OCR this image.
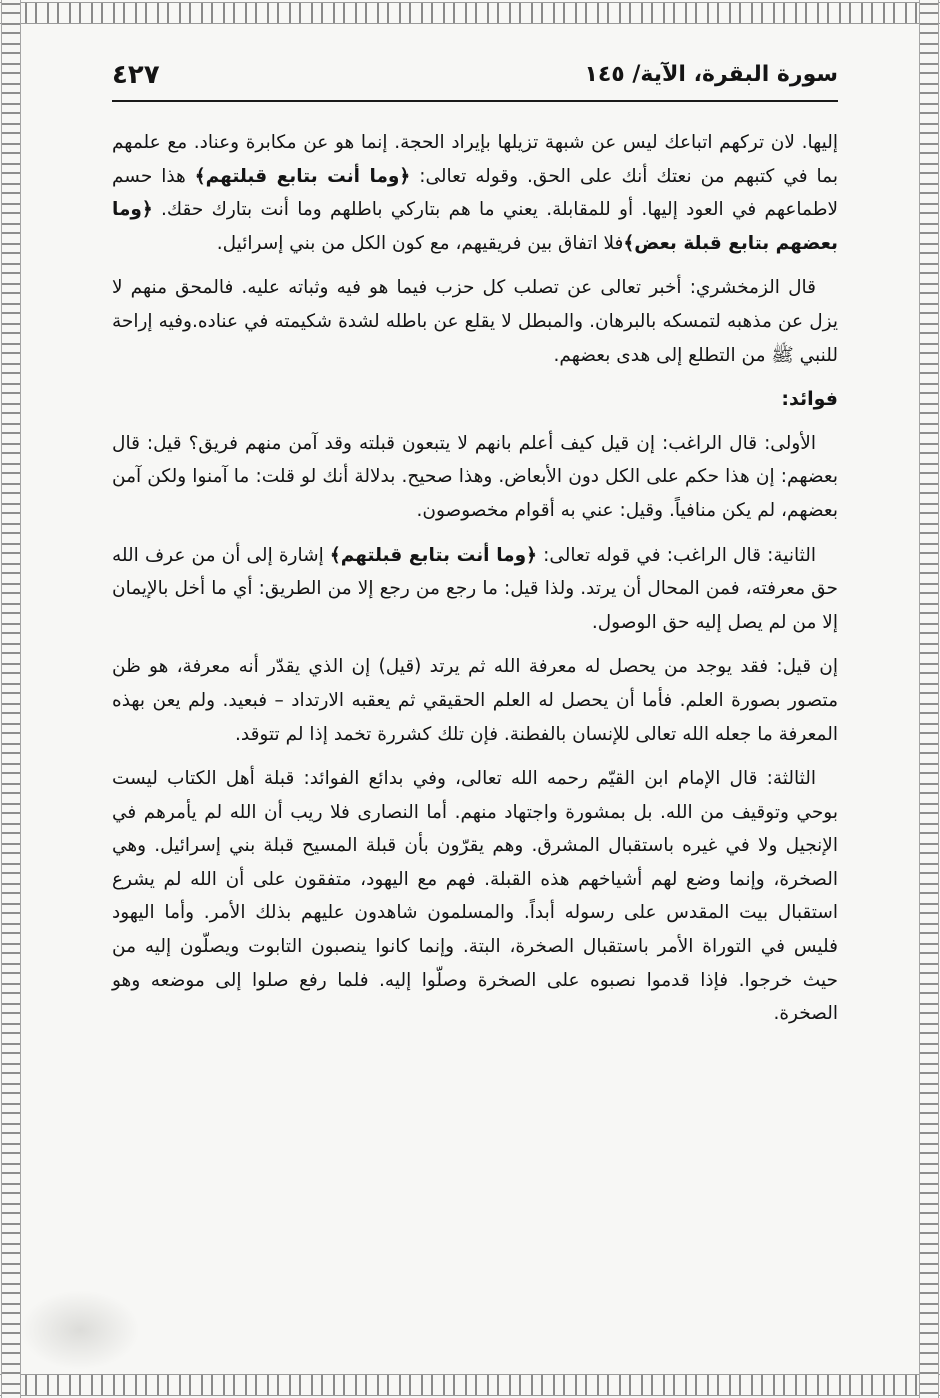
٤٢٧	سورة البقرة، الآية/ ١٤٥

إليها. لان تركهم اتباعك ليس عن شبهة تزيلها بإيراد الحجة. إنما هو عن مكابرة وعناد. مع علمهم بما في كتبهم من نعتك أنك على الحق. وقوله تعالى: ﴿وما أنت بتابع قبلتهم﴾ هذا حسم لاطماعهم في العود إليها. أو للمقابلة. يعني ما هم بتاركي باطلهم وما أنت بتارك حقك. ﴿وما بعضهم بتابع قبلة بعض﴾فلا اتفاق بين فريقيهم، مع كون الكل من بني إسرائيل.

قال الزمخشري: أخبر تعالى عن تصلب كل حزب فيما هو فيه وثباته عليه. فالمحق منهم لا يزل عن مذهبه لتمسكه بالبرهان. والمبطل لا يقلع عن باطله لشدة شكيمته في عناده.وفيه إراحة للنبي ﷺ من التطلع إلى هدى بعضهم.

فوائد:

الأولى: قال الراغب: إن قيل كيف أعلم بانهم لا يتبعون قبلته وقد آمن منهم فريق؟ قيل: قال بعضهم: إن هذا حكم على الكل دون الأبعاض. وهذا صحيح. بدلالة أنك لو قلت: ما آمنوا ولكن آمن بعضهم، لم يكن منافياً. وقيل: عني به أقوام مخصوصون.

الثانية: قال الراغب: في قوله تعالى: ﴿وما أنت بتابع قبلتهم﴾ إشارة إلى أن من عرف الله حق معرفته، فمن المحال أن يرتد. ولذا قيل: ما رجع من رجع إلا من الطريق: أي ما أخل بالإيمان إلا من لم يصل إليه حق الوصول.

إن قيل: فقد يوجد من يحصل له معرفة الله ثم يرتد (قيل) إن الذي يقدّر أنه معرفة، هو ظن متصور بصورة العلم. فأما أن يحصل له العلم الحقيقي ثم يعقبه الارتداد – فبعيد. ولم يعن بهذه المعرفة ما جعله الله تعالى للإنسان بالفطنة. فإن تلك كشررة تخمد إذا لم تتوقد.

الثالثة: قال الإمام ابن القيّم رحمه الله تعالى، وفي بدائع الفوائد: قبلة أهل الكتاب ليست بوحي وتوقيف من الله. بل بمشورة واجتهاد منهم. أما النصارى فلا ريب أن الله لم يأمرهم في الإنجيل ولا في غيره باستقبال المشرق. وهم يقرّون بأن قبلة المسيح قبلة بني إسرائيل. وهي الصخرة، وإنما وضع لهم أشياخهم هذه القبلة. فهم مع اليهود، متفقون على أن الله لم يشرع استقبال بيت المقدس على رسوله أبداً. والمسلمون شاهدون عليهم بذلك الأمر. وأما اليهود فليس في التوراة الأمر باستقبال الصخرة، البتة. وإنما كانوا ينصبون التابوت ويصلّون إليه من حيث خرجوا. فإذا قدموا نصبوه على الصخرة وصلّوا إليه. فلما رفع صلوا إلى موضعه وهو الصخرة.
